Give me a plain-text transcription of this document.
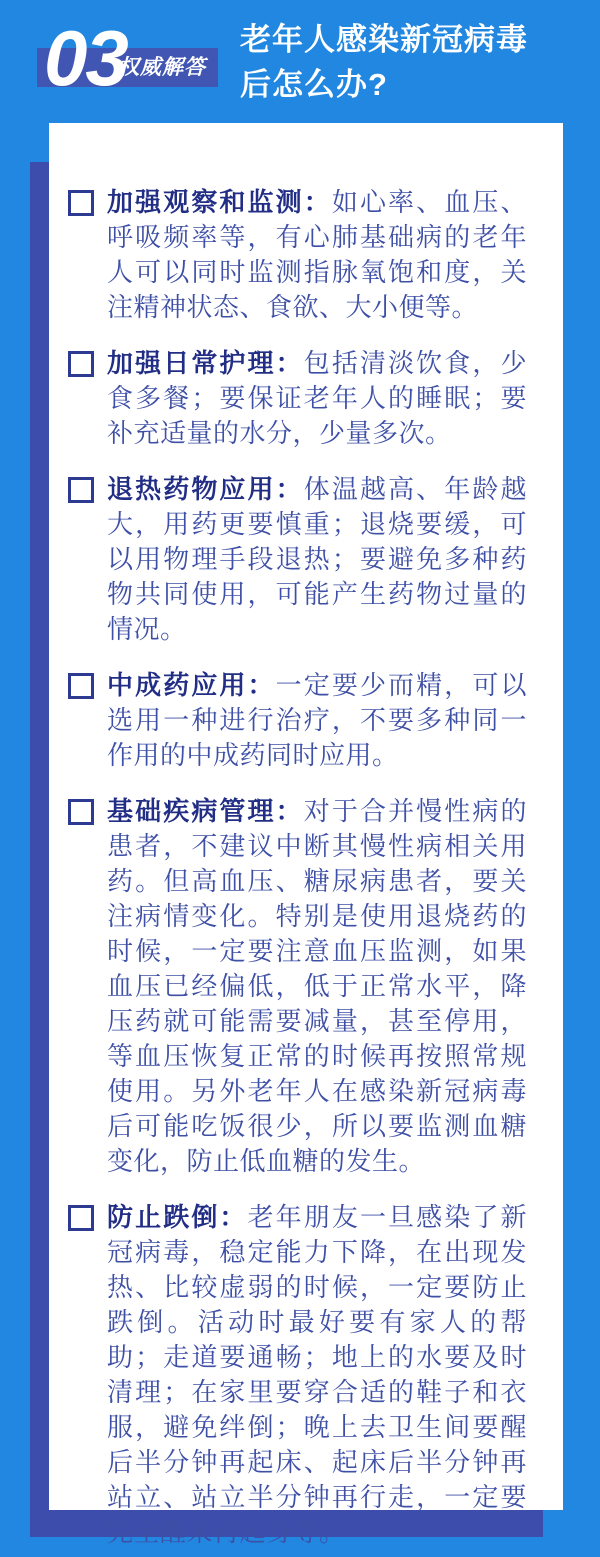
权威解答
03	老年人感染新冠病毒
后怎么办?

加强观察和监测：如心率、血压、呼吸频率等，有心肺基础病的老年人可以同时监测指脉氧饱和度，关注精神状态、食欲、大小便等。

加强日常护理：包括清淡饮食，少食多餐；要保证老年人的睡眠；要补充适量的水分，少量多次。

退热药物应用：体温越高、年龄越大，用药更要慎重；退烧要缓，可以用物理手段退热；要避免多种药物共同使用，可能产生药物过量的情况。

中成药应用：一定要少而精，可以选用一种进行治疗，不要多种同一作用的中成药同时应用。

基础疾病管理：对于合并慢性病的患者，不建议中断其慢性病相关用药。但高血压、糖尿病患者，要关注病情变化。特别是使用退烧药的时候，一定要注意血压监测，如果血压已经偏低，低于正常水平，降压药就可能需要减量，甚至停用，等血压恢复正常的时候再按照常规使用。另外老年人在感染新冠病毒后可能吃饭很少，所以要监测血糖变化，防止低血糖的发生。

防止跌倒：老年朋友一旦感染了新冠病毒，稳定能力下降，在出现发热、比较虚弱的时候，一定要防止跌倒。活动时最好要有家人的帮助；走道要通畅；地上的水要及时清理；在家里要穿合适的鞋子和衣服，避免绊倒；晚上去卫生间要醒后半分钟再起床、起床后半分钟再站立、站立半分钟再行走，一定要完全醒来再起身等。
